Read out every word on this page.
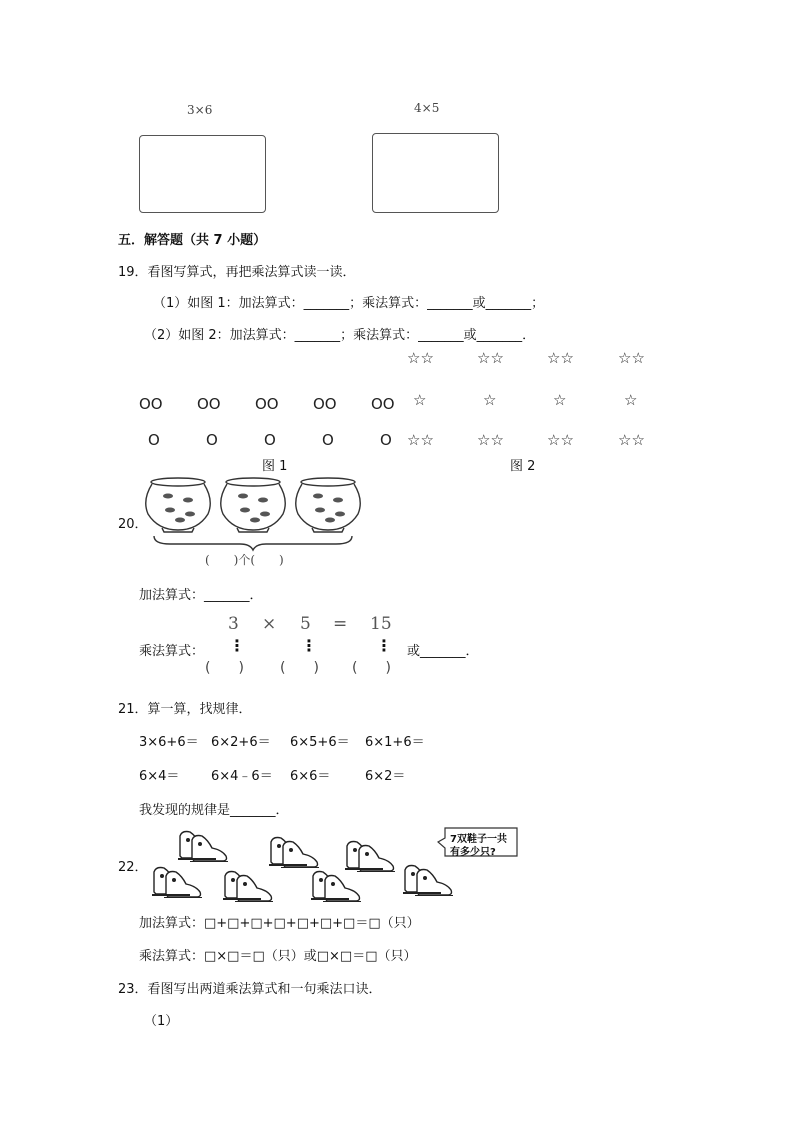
3×6	4×5
五．解答题（共 7 小题）
19．看图写算式，再把乘法算式读一读．
（1）如图 1：加法算式：_______；乘法算式：_______或_______；
（2）如图 2：加法算式：_______；乘法算式：_______或_______．
OO OO OO OO OO
O	O	O	O	O
图 1
☆☆
☆
☆☆
☆☆
☆
☆☆
☆☆
☆
☆☆
☆☆
☆
☆☆
图 2
20．
(　　)个(　　)
加法算式：_______．
乘法算式：
3 × 5 = 15
⋮	⋮	⋮
(　　)	(　　) (　　)
或_______．
21．算一算，找规律．
3×6+6＝ 6×2+6＝ 6×5+6＝ 6×1+6＝
6×4＝ 6×4﹣6＝ 6×6＝	6×2＝
我发现的规律是_______．
22．
7双鞋子一共
有多少只?
加法算式：□+□+□+□+□+□+□＝□（只）
乘法算式：□×□＝□（只）或□×□＝□（只）
23．看图写出两道乘法算式和一句乘法口诀．
（1）
